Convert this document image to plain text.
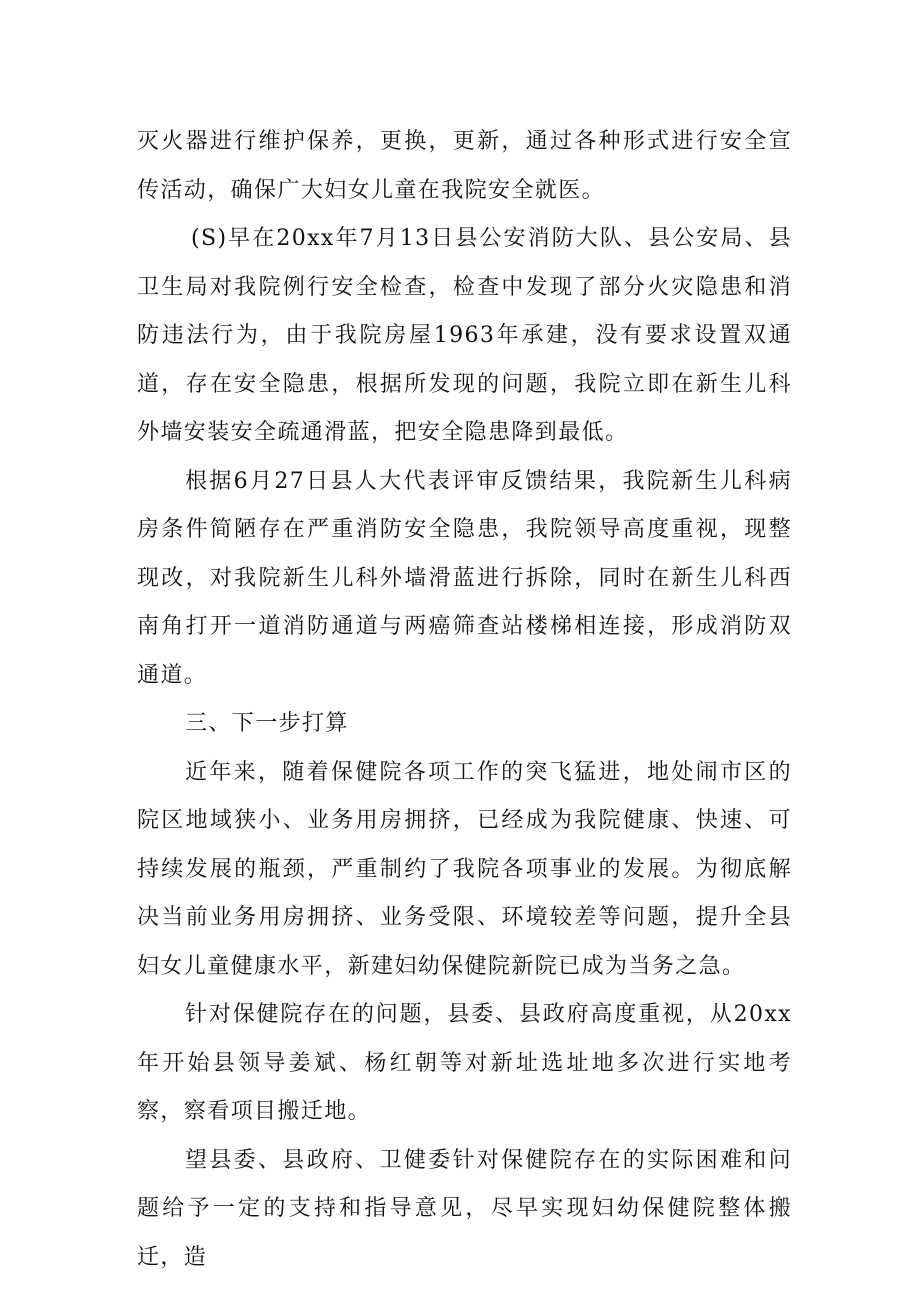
灭火器进行维护保养，更换，更新，通过各种形式进行安全宣传活动，确保广大妇女儿童在我院安全就医。

(S)早在20xx年7月13日县公安消防大队、县公安局、县卫生局对我院例行安全检查，检查中发现了部分火灾隐患和消防违法行为，由于我院房屋1963年承建，没有要求设置双通道，存在安全隐患，根据所发现的问题，我院立即在新生儿科外墙安装安全疏通滑蓝，把安全隐患降到最低。

根据6月27日县人大代表评审反馈结果，我院新生儿科病房条件简陋存在严重消防安全隐患，我院领导高度重视，现整现改，对我院新生儿科外墙滑蓝进行拆除，同时在新生儿科西南角打开一道消防通道与两癌筛查站楼梯相连接，形成消防双通道。

三、下一步打算

近年来，随着保健院各项工作的突飞猛进，地处闹市区的院区地域狭小、业务用房拥挤，已经成为我院健康、快速、可持续发展的瓶颈，严重制约了我院各项事业的发展。为彻底解决当前业务用房拥挤、业务受限、环境较差等问题，提升全县妇女儿童健康水平，新建妇幼保健院新院已成为当务之急。

针对保健院存在的问题，县委、县政府高度重视，从20xx年开始县领导姜斌、杨红朝等对新址选址地多次进行实地考察，察看项目搬迁地。

望县委、县政府、卫健委针对保健院存在的实际困难和问题给予一定的支持和指导意见，尽早实现妇幼保健院整体搬迁，造
